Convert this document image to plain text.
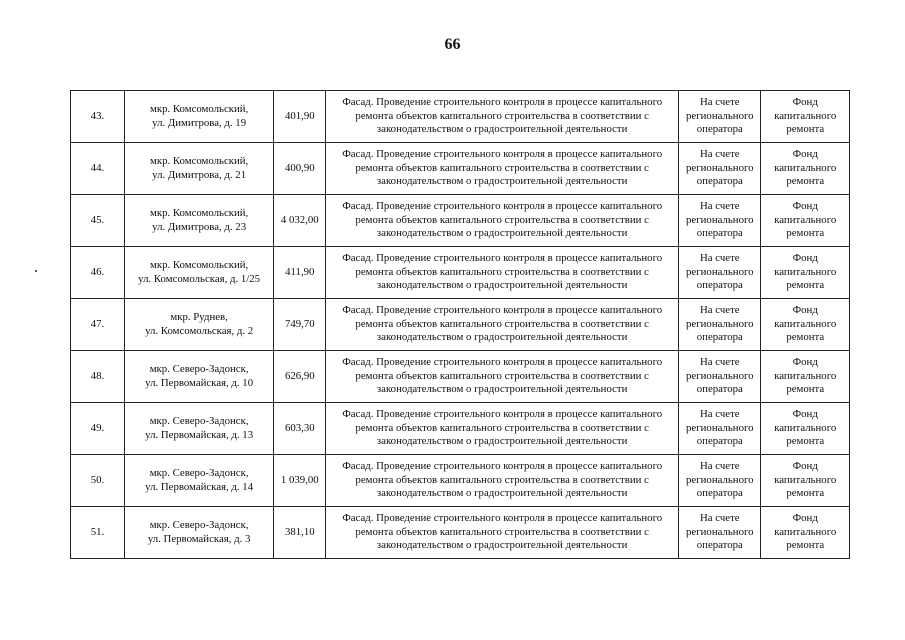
66
43.	мкр. Комсомольский,
ул. Димитрова, д. 19	401,90	Фасад. Проведение строительного контроля в процессе капитального
ремонта объектов капитального строительства в соответствии с
законодательством о градостроительной деятельности	На счете
регионального
оператора	Фонд
капитального
ремонта

44.	мкр. Комсомольский,
ул. Димитрова, д. 21	400,90	Фасад. Проведение строительного контроля в процессе капитального
ремонта объектов капитального строительства в соответствии с
законодательством о градостроительной деятельности	На счете
регионального
оператора	Фонд
капитального
ремонта

45.	мкр. Комсомольский,
ул. Димитрова, д. 23	4 032,00	Фасад. Проведение строительного контроля в процессе капитального
ремонта объектов капитального строительства в соответствии с
законодательством о градостроительной деятельности	На счете
регионального
оператора	Фонд
капитального
ремонта

46.	мкр. Комсомольский,
ул. Комсомольская, д. 1/25	411,90	Фасад. Проведение строительного контроля в процессе капитального
ремонта объектов капитального строительства в соответствии с
законодательством о градостроительной деятельности	На счете
регионального
оператора	Фонд
капитального
ремонта

47.	мкр. Руднев,
ул. Комсомольская, д. 2	749,70	Фасад. Проведение строительного контроля в процессе капитального
ремонта объектов капитального строительства в соответствии с
законодательством о градостроительной деятельности	На счете
регионального
оператора	Фонд
капитального
ремонта

48.	мкр. Северо-Задонск,
ул. Первомайская, д. 10	626,90	Фасад. Проведение строительного контроля в процессе капитального
ремонта объектов капитального строительства в соответствии с
законодательством о градостроительной деятельности	На счете
регионального
оператора	Фонд
капитального
ремонта

49.	мкр. Северо-Задонск,
ул. Первомайская, д. 13	603,30	Фасад. Проведение строительного контроля в процессе капитального
ремонта объектов капитального строительства в соответствии с
законодательством о градостроительной деятельности	На счете
регионального
оператора	Фонд
капитального
ремонта

50.	мкр. Северо-Задонск,
ул. Первомайская, д. 14	1 039,00	Фасад. Проведение строительного контроля в процессе капитального
ремонта объектов капитального строительства в соответствии с
законодательством о градостроительной деятельности	На счете
регионального
оператора	Фонд
капитального
ремонта

51.	мкр. Северо-Задонск,
ул. Первомайская, д. 3	381,10	Фасад. Проведение строительного контроля в процессе капитального
ремонта объектов капитального строительства в соответствии с
законодательством о градостроительной деятельности	На счете
регионального
оператора	Фонд
капитального
ремонта
